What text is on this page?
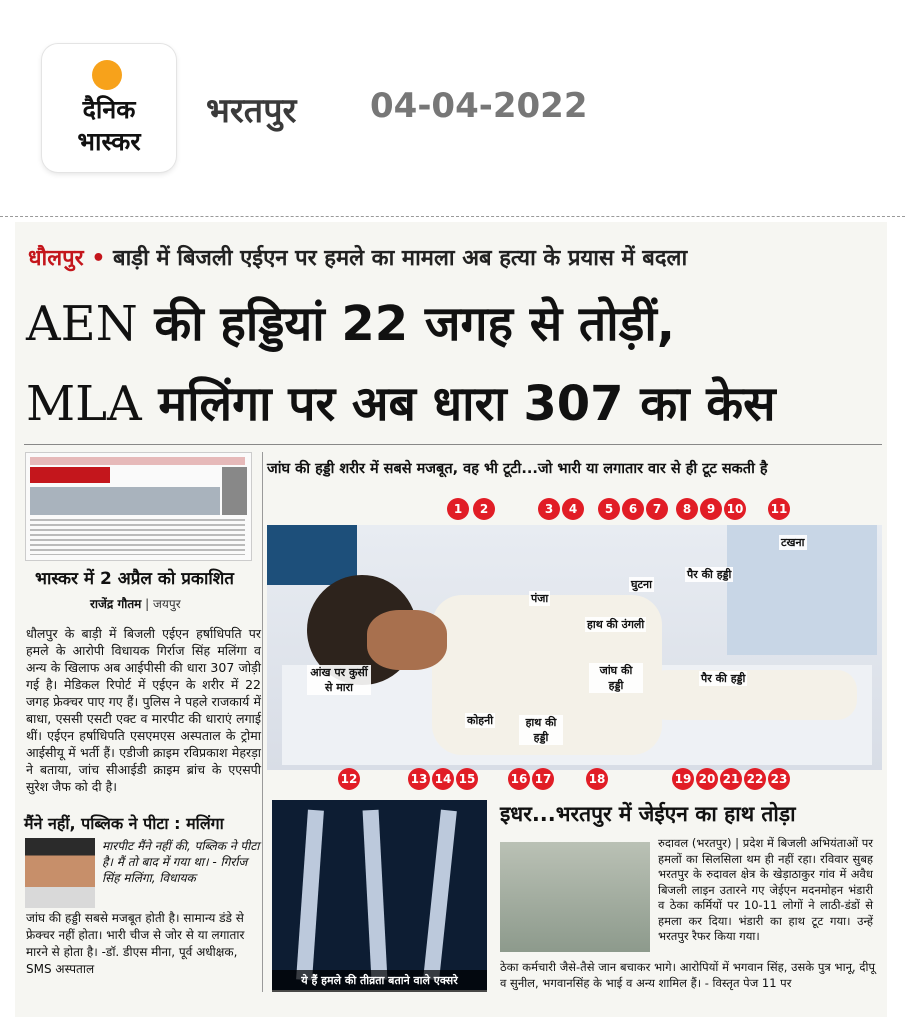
दैनिक
भास्कर
भरतपुर 04-04-2022
धौलपुर • बाड़ी में बिजली एईएन पर हमले का मामला अब हत्या के प्रयास में बदला
AEN की हड्डियां 22 जगह से तोड़ीं,
MLA मलिंगा पर अब धारा 307 का केस
भास्कर में 2 अप्रैल को प्रकाशित
राजेंद्र गौतम | जयपुर

धौलपुर के बाड़ी में बिजली एईएन हर्षाधिपति पर हमले के आरोपी विधायक गिर्राज सिंह मलिंगा व अन्य के खिलाफ अब आईपीसी की धारा 307 जोड़ी गई है। मेडिकल रिपोर्ट में एईएन के शरीर में 22 जगह फ्रेक्चर पाए गए हैं। पुलिस ने पहले राजकार्य में बाधा, एससी एसटी एक्ट व मारपीट की धाराएं लगाई थीं। एईएन हर्षाधिपति एसएमएस अस्पताल के ट्रोमा आईसीयू में भर्ती हैं। एडीजी क्राइम रविप्रकाश मेहरड़ा ने बताया, जांच सीआईडी क्राइम ब्रांच के एएसपी सुरेश जैफ को दी है।

मैंने नहीं, पब्लिक ने पीटा : मलिंगा

मारपीट मैंने नहीं की, पब्लिक ने पीटा है। मैं तो बाद में गया था। - गिर्राज सिंह मलिंगा, विधायक

जांघ की हड्डी सबसे मजबूत होती है। सामान्य डंडे से फ्रेक्चर नहीं होता। भारी चीज से जोर से या लगातार मारने से होता है। -डॉ. डीएस मीना, पूर्व अधीक्षक, SMS अस्पताल

जांघ की हड्डी शरीर में सबसे मजबूत, वह भी टूटी...जो भारी या लगातार वार से ही टूट सकती है
पंजा
हाथ की उंगली
घुटना
पैर की हड्डी
टखना
आंख पर कुर्सी से मारा
जांघ की हड्डी
कोहनी	हाथ की हड्डी
पैर की हड्डी
1	2	3	4	5	6	7	8	9 10 11
12	13 14 15	16 17	18	19 20 21 22 23
ये हैं हमले की तीव्रता बताने वाले एक्सरे
इधर...भरतपुर में जेईएन का हाथ तोड़ा

रुदावल (भरतपुर) | प्रदेश में बिजली अभियंताओं पर हमलों का सिलसिला थम ही नहीं रहा। रविवार सुबह भरतपुर के रुदावल क्षेत्र के खेड़ाठाकुर गांव में अवैध बिजली लाइन उतारने गए जेईएन मदनमोहन भंडारी व ठेका कर्मियों पर 10-11 लोगों ने लाठी-डंडों से हमला कर दिया। भंडारी का हाथ टूट गया। उन्हें भरतपुर रैफर किया गया।

ठेका कर्मचारी जैसे-तैसे जान बचाकर भागे। आरोपियों में भगवान सिंह, उसके पुत्र भानू, दीपू व सुनील, भगवानसिंह के भाई व अन्य शामिल हैं। - विस्तृत पेज 11 पर
